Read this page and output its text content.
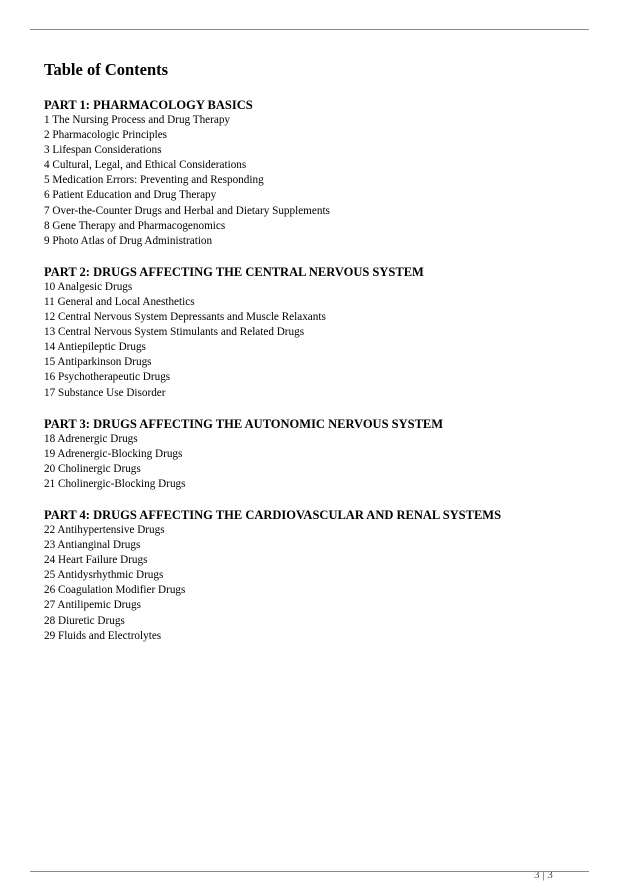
Table of Contents
PART 1: PHARMACOLOGY BASICS
1 The Nursing Process and Drug Therapy
2 Pharmacologic Principles
3 Lifespan Considerations
4 Cultural, Legal, and Ethical Considerations
5 Medication Errors: Preventing and Responding
6 Patient Education and Drug Therapy
7 Over-the-Counter Drugs and Herbal and Dietary Supplements
8 Gene Therapy and Pharmacogenomics
9 Photo Atlas of Drug Administration
PART 2: DRUGS AFFECTING THE CENTRAL NERVOUS SYSTEM
10 Analgesic Drugs
11 General and Local Anesthetics
12 Central Nervous System Depressants and Muscle Relaxants
13 Central Nervous System Stimulants and Related Drugs
14 Antiepileptic Drugs
15 Antiparkinson Drugs
16 Psychotherapeutic Drugs
17 Substance Use Disorder
PART 3: DRUGS AFFECTING THE AUTONOMIC NERVOUS SYSTEM
18 Adrenergic Drugs
19 Adrenergic-Blocking Drugs
20 Cholinergic Drugs
21 Cholinergic-Blocking Drugs
PART 4: DRUGS AFFECTING THE CARDIOVASCULAR AND RENAL SYSTEMS
22 Antihypertensive Drugs
23 Antianginal Drugs
24 Heart Failure Drugs
25 Antidysrhythmic Drugs
26 Coagulation Modifier Drugs
27 Antilipemic Drugs
28 Diuretic Drugs
29 Fluids and Electrolytes
3 | 3
